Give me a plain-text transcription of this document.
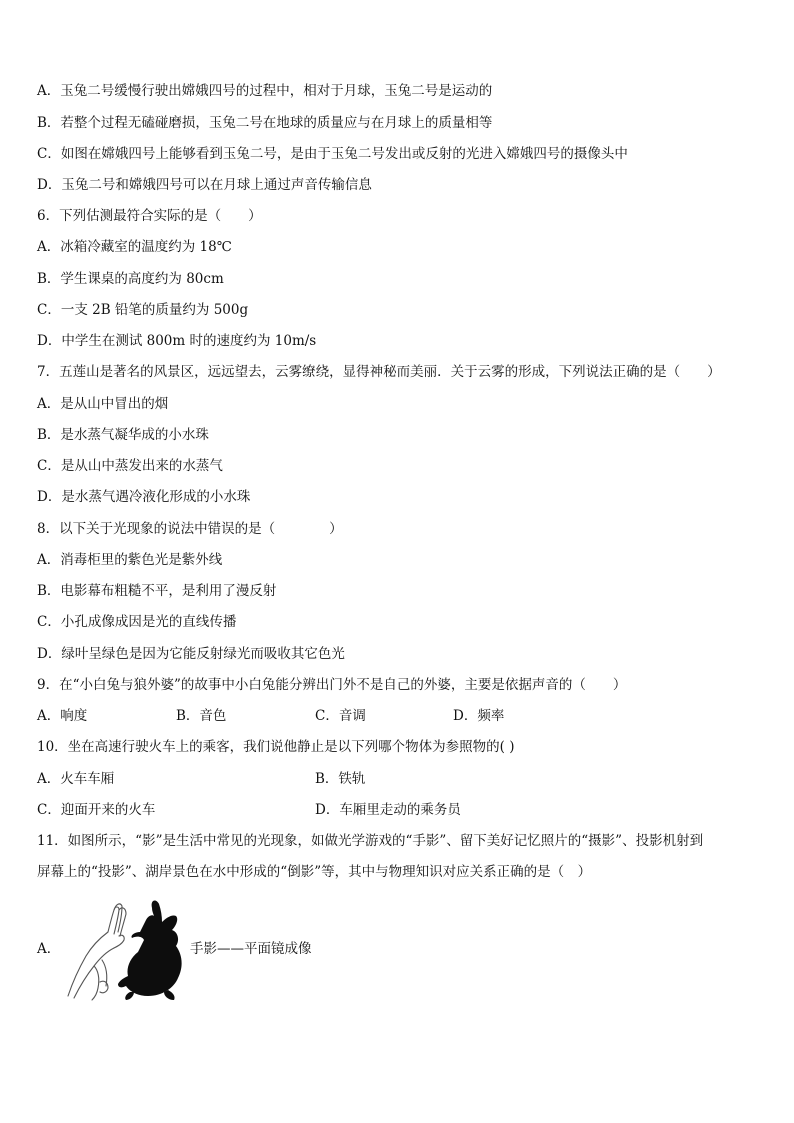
A．玉兔二号缓慢行驶出嫦娥四号的过程中，相对于月球，玉兔二号是运动的
B．若整个过程无磕碰磨损，玉兔二号在地球的质量应与在月球上的质量相等
C．如图在嫦娥四号上能够看到玉兔二号，是由于玉兔二号发出或反射的光进入嫦娥四号的摄像头中
D．玉兔二号和嫦娥四号可以在月球上通过声音传输信息
6．下列估测最符合实际的是（　　）
A．冰箱冷藏室的温度约为 18℃
B．学生课桌的高度约为 80cm
C．一支 2B 铅笔的质量约为 500g
D．中学生在测试 800m 时的速度约为 10m/s
7．五莲山是著名的风景区，远远望去，云雾缭绕，显得神秘而美丽．关于云雾的形成，下列说法正确的是（　　）
A．是从山中冒出的烟
B．是水蒸气凝华成的小水珠
C．是从山中蒸发出来的水蒸气
D．是水蒸气遇冷液化形成的小水珠
8．以下关于光现象的说法中错误的是（　　　　）
A．消毒柜里的紫色光是紫外线
B．电影幕布粗糙不平，是利用了漫反射
C．小孔成像成因是光的直线传播
D．绿叶呈绿色是因为它能反射绿光而吸收其它色光
9．在“小白兔与狼外婆”的故事中小白兔能分辨出门外不是自己的外婆，主要是依据声音的（　　）
A．响度	B．音色	C．音调	D．频率
10．坐在高速行驶火车上的乘客，我们说他静止是以下列哪个物体为参照物的( )
A．火车车厢	B．铁轨
C．迎面开来的火车	D．车厢里走动的乘务员
11．如图所示，“影”是生活中常见的光现象，如做光学游戏的“手影”、留下美好记忆照片的“摄影”、投影机射到
屏幕上的“投影”、湖岸景色在水中形成的“倒影”等，其中与物理知识对应关系正确的是（　）
A．	手影——平面镜成像
